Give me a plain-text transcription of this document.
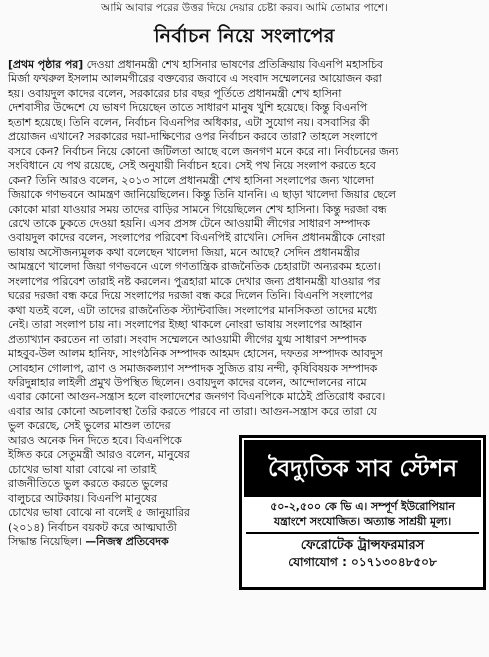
আমি আবার পরের উত্তর দিয়ে দেয়ার চেষ্টা করব। আমি তোমার পাশে।
নির্বাচন নিয়ে সংলাপের
[প্রথম পৃষ্ঠার পর] দেওয়া প্রধানমন্ত্রী শেখ হাসিনার ভাষণের প্রতিক্রিয়ায় বিএনপি মহাসচিব
মির্জা ফখরুল ইসলাম আলমগীরের বক্তব্যের জবাবে এ সংবাদ সম্মেলনের আয়োজন করা
হয়। ওবায়দুল কাদের বলেন, সরকারের চার বছর পূর্তিতে প্রধানমন্ত্রী শেখ হাসিনা
দেশবাসীর উদ্দেশে যে ভাষণ দিয়েছেন তাতে সাধারণ মানুষ খুশি হয়েছে। কিন্তু বিএনপি
হতাশ হয়েছে। তিনি বলেন, নির্বাচন বিএনপির অধিকার, এটা সুযোগ নয়। বসবাসির কী
প্রয়োজন এখানে? সরকারের দয়া-দাক্ষিণ্যের ওপর নির্বাচন করবে তারা? তাহলে সংলাপে
বসবে কেন? নির্বাচন নিয়ে কোনো জটিলতা আছে বলে জনগণ মনে করে না। নির্বাচনের জন্য
সংবিধানে যে পথ রয়েছে, সেই অনুযায়ী নির্বাচন হবে। সেই পথ নিয়ে সংলাপ করতে হবে
কেন? তিনি আরও বলেন, ২০১৩ সালে প্রধানমন্ত্রী শেখ হাসিনা সংলাপের জন্য খালেদা
জিয়াকে গণভবনে আমন্ত্রণ জানিয়েছিলেন। কিন্তু তিনি যাননি। এ ছাড়া খালেদা জিয়ার ছেলে
কোকো মারা যাওয়ার সময় তাদের বাড়ির সামনে গিয়েছিলেন শেখ হাসিনা। কিন্তু দরজা বন্ধ
রেখে তাকে ঢুকতে দেওয়া হয়নি। এসব প্রসঙ্গ টেনে আওয়ামী লীগের সাধারণ সম্পাদক
ওবায়দুল কাদের বলেন, সংলাপের পরিবেশ বিএনপিই রাখেনি। সেদিন প্রধানমন্ত্রীকে নোংরা
ভাষায় অসৌজন্যমূলক কথা বলেছেন খালেদা জিয়া, মনে আছে? সেদিন প্রধানমন্ত্রীর
আমন্ত্রণে খালেদা জিয়া গণভবনে এলে গণতান্ত্রিক রাজনৈতিক চেহারাটা অন্যরকম হতো।
সংলাপের পরিবেশ তারাই নষ্ট করলেন। পুত্রহারা মাকে দেখার জন্য প্রধানমন্ত্রী যাওয়ার পর
ঘরের দরজা বন্ধ করে দিয়ে সংলাপের দরজা বন্ধ করে দিলেন তিনি। বিএনপি সংলাপের
কথা যতই বলে, এটা তাদের রাজনৈতিক স্ট্যান্টবাজি। সংলাপের মানসিকতা তাদের মধ্যে
নেই। তারা সংলাপ চায় না। সংলাপের ইচ্ছা থাকলে নোংরা ভাষায় সংলাপের আহ্বান
প্রত্যাখ্যান করতেন না তারা। সংবাদ সম্মেলনে আওয়ামী লীগের যুগ্ম সাধারণ সম্পাদক
মাহবুব-উল আলম হানিফ, সাংগঠনিক সম্পাদক আহমদ হোসেন, দফতর সম্পাদক আবদুস
সোবহান গোলাপ, ত্রাণ ও সমাজকল্যাণ সম্পাদক সুজিত রায় নন্দী, কৃষিবিষয়ক সম্পাদক
ফরিদুন্নাহার লাইলী প্রমুখ উপস্থিত ছিলেন। ওবায়দুল কাদের বলেন, আন্দোলনের নামে
এবার কোনো আগুন-সন্ত্রাস হলে বাংলাদেশের জনগণ বিএনপিকে মাঠেই প্রতিরোধ করবে।
এবার আর কোনো অচলাবস্থা তৈরি করতে পারবে না তারা। আগুন-সন্ত্রাস করে তারা যে
ভুল করেছে, সেই ভুলের মাশুল তাদের
আরও অনেক দিন দিতে হবে। বিএনপিকে
ইঙ্গিত করে সেতুমন্ত্রী আরও বলেন, মানুষের
চোখের ভাষা যারা বোঝে না তারাই
রাজনীতিতে ভুল করতে করতে ভুলের
বালুচরে আটকায়। বিএনপি মানুষের
চোখের ভাষা বোঝে না বলেই ৫ জানুয়ারির
(২০১৪) নির্বাচন বয়কট করে আত্মঘাতী
সিদ্ধান্ত নিয়েছিল। —নিজস্ব প্রতিবেদক
বৈদ্যুতিক সাব স্টেশন
৫০-২,৫০০ কে ভি এ। সম্পূর্ণ ইউরোপিয়ান
যন্ত্রাংশে সংযোজিত। অত্যান্ত সাশ্রয়ী মূল্য।
ফেরোটেক ট্রান্সফরমারস
যোগাযোগ : ০১৭১৩০৪৮৫০৮
